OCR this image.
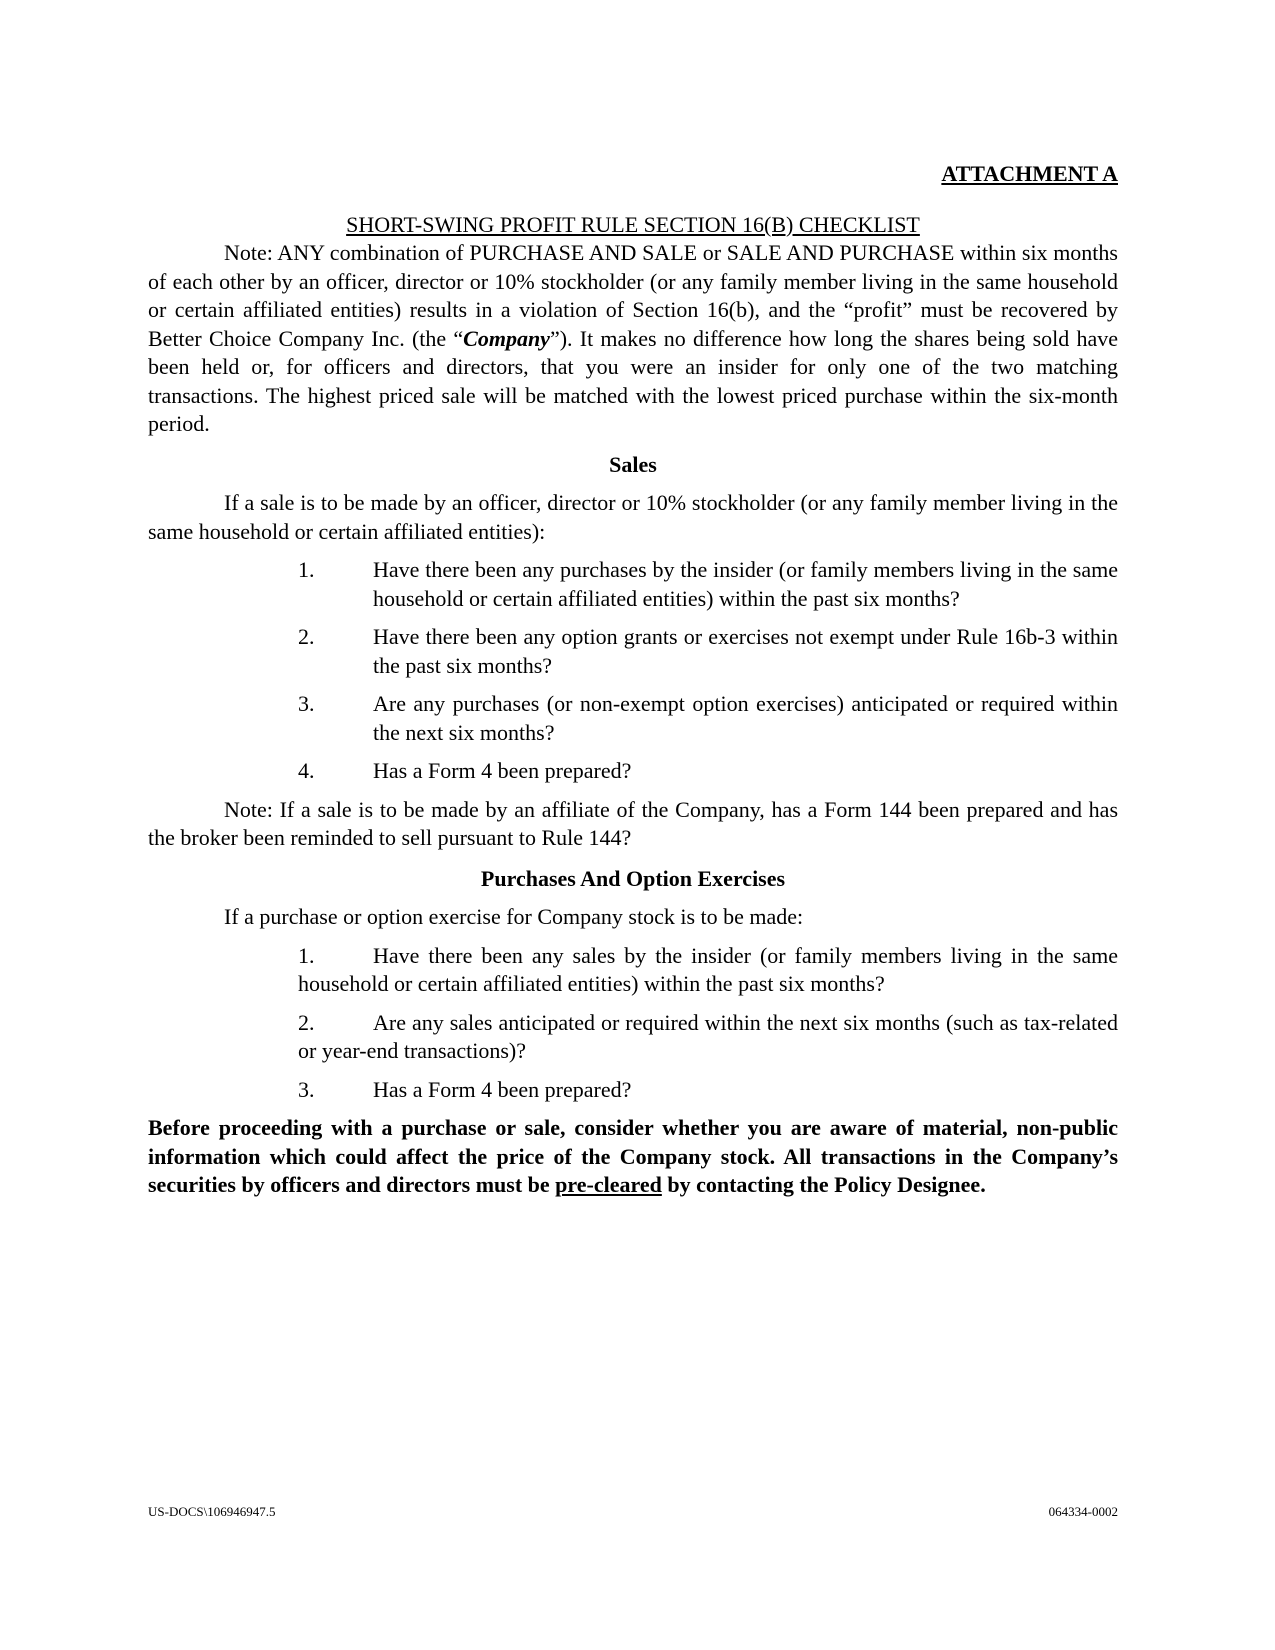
ATTACHMENT A

SHORT-SWING PROFIT RULE SECTION 16(B) CHECKLIST

Note: ANY combination of PURCHASE AND SALE or SALE AND PURCHASE within six months of each other by an officer, director or 10% stockholder (or any family member living in the same household or certain affiliated entities) results in a violation of Section 16(b), and the “profit” must be recovered by Better Choice Company Inc. (the “Company”). It makes no difference how long the shares being sold have been held or, for officers and directors, that you were an insider for only one of the two matching transactions. The highest priced sale will be matched with the lowest priced purchase within the six-month period.

Sales

If a sale is to be made by an officer, director or 10% stockholder (or any family member living in the same household or certain affiliated entities):

1.	Have there been any purchases by the insider (or family members living in the same household or certain affiliated entities) within the past six months?
2.	Have there been any option grants or exercises not exempt under Rule 16b-3 within the past six months?
3.	Are any purchases (or non-exempt option exercises) anticipated or required within the next six months?
4.	Has a Form 4 been prepared?

Note: If a sale is to be made by an affiliate of the Company, has a Form 144 been prepared and has the broker been reminded to sell pursuant to Rule 144?

Purchases And Option Exercises

If a purchase or option exercise for Company stock is to be made:

1.	Have there been any sales by the insider (or family members living in the same household or certain affiliated entities) within the past six months?

2.	Are any sales anticipated or required within the next six months (such as tax-related or year-end transactions)?

3.	Has a Form 4 been prepared?

Before proceeding with a purchase or sale, consider whether you are aware of material, non-public information which could affect the price of the Company stock. All transactions in the Company’s securities by officers and directors must be pre-cleared by contacting the Policy Designee.

US-DOCS\106946947.5	064334-0002
